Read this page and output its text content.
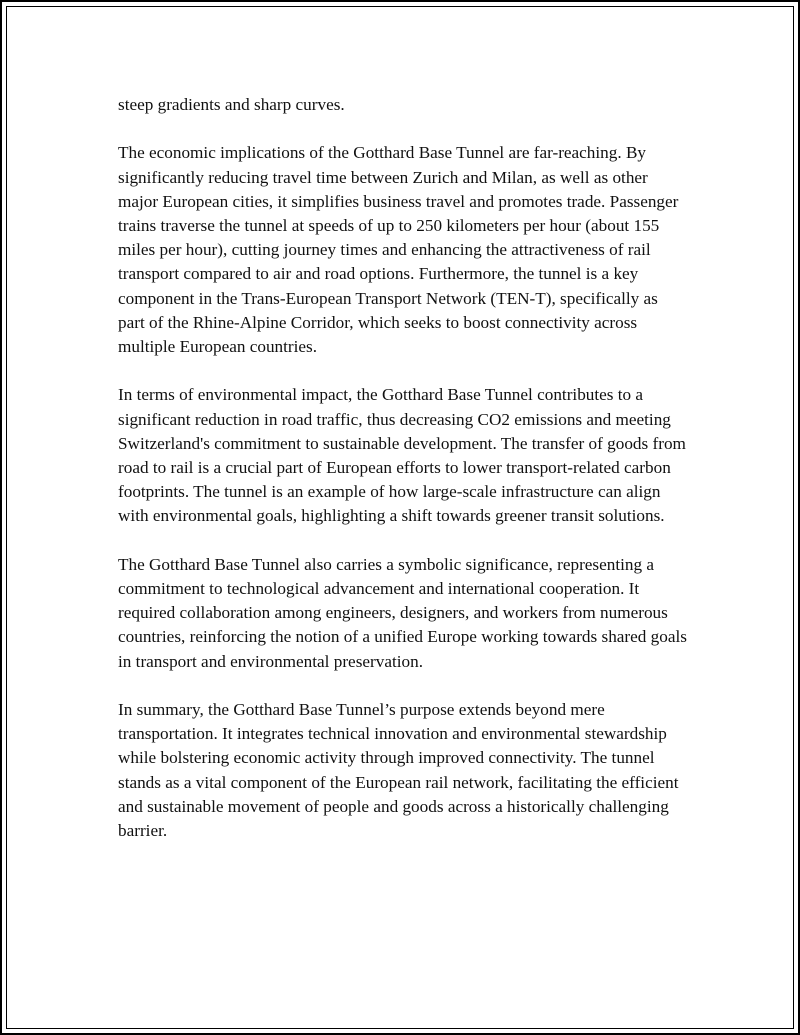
steep gradients and sharp curves.

The economic implications of the Gotthard Base Tunnel are far-reaching. By significantly reducing travel time between Zurich and Milan, as well as other major European cities, it simplifies business travel and promotes trade. Passenger trains traverse the tunnel at speeds of up to 250 kilometers per hour (about 155 miles per hour), cutting journey times and enhancing the attractiveness of rail transport compared to air and road options. Furthermore, the tunnel is a key component in the Trans-European Transport Network (TEN-T), specifically as part of the Rhine-Alpine Corridor, which seeks to boost connectivity across multiple European countries.

In terms of environmental impact, the Gotthard Base Tunnel contributes to a significant reduction in road traffic, thus decreasing CO2 emissions and meeting Switzerland's commitment to sustainable development. The transfer of goods from road to rail is a crucial part of European efforts to lower transport-related carbon footprints. The tunnel is an example of how large-scale infrastructure can align with environmental goals, highlighting a shift towards greener transit solutions.

The Gotthard Base Tunnel also carries a symbolic significance, representing a commitment to technological advancement and international cooperation. It required collaboration among engineers, designers, and workers from numerous countries, reinforcing the notion of a unified Europe working towards shared goals in transport and environmental preservation.

In summary, the Gotthard Base Tunnel’s purpose extends beyond mere transportation. It integrates technical innovation and environmental stewardship while bolstering economic activity through improved connectivity. The tunnel stands as a vital component of the European rail network, facilitating the efficient and sustainable movement of people and goods across a historically challenging barrier.
